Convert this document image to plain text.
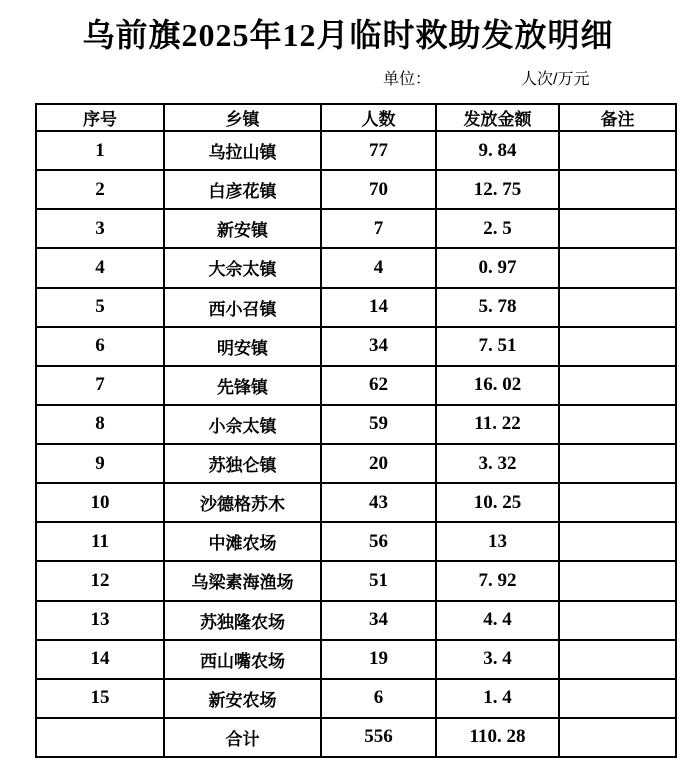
乌前旗2025年12月临时救助发放明细
单位：	人次/万元
序号	乡镇	人数	发放金额	备注
1	乌拉山镇	77	9. 84	
2	白彦花镇	70	12. 75	
3	新安镇	7	2. 5	
4	大佘太镇	4	0. 97	
5	西小召镇	14	5. 78	
6	明安镇	34	7. 51	
7	先锋镇	62	16. 02	
8	小佘太镇	59	11. 22	
9	苏独仑镇	20	3. 32	
10	沙德格苏木	43	10. 25	
11	中滩农场	56	13	
12	乌梁素海渔场	51	7. 92	
13	苏独隆农场	34	4. 4	
14	西山嘴农场	19	3. 4	
15	新安农场	6	1. 4	
	合计	556	110. 28	
